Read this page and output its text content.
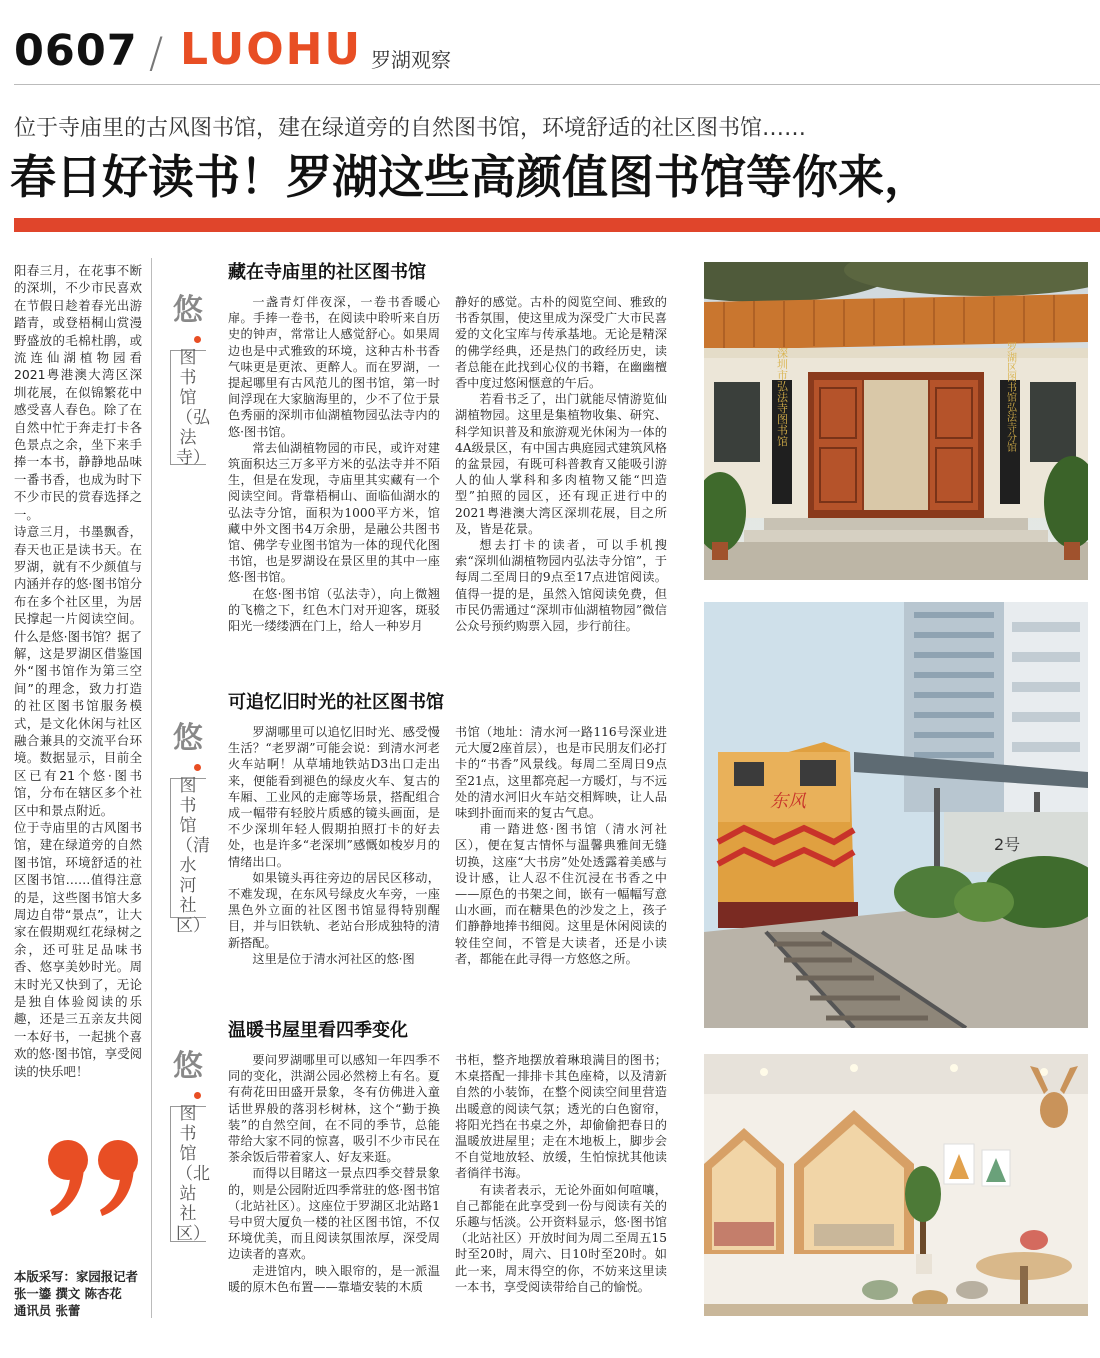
0607 / LUOHU 罗湖观察
位于寺庙里的古风图书馆，建在绿道旁的自然图书馆，环境舒适的社区图书馆……
春日好读书！罗湖这些高颜值图书馆等你来，

阳春三月，在花事不断的深圳，不少市民喜欢在节假日趁着春光出游踏青，或登梧桐山赏漫野盛放的毛棉杜鹃，或流连仙湖植物园看2021粤港澳大湾区深圳花展，在似锦繁花中感受喜人春色。除了在自然中忙于奔走打卡各色景点之余，坐下来手捧一本书，静静地品味一番书香，也成为时下不少市民的赏春选择之一。

诗意三月，书墨飘香，春天也正是读书天。在罗湖，就有不少颜值与内涵并存的悠·图书馆分布在多个社区里，为居民撑起一片阅读空间。什么是悠·图书馆？据了解，这是罗湖区借鉴国外“图书馆作为第三空间”的理念，致力打造的社区图书馆服务模式，是文化休闲与社区融合兼具的交流平台环境。数据显示，目前全区已有21个悠·图书馆，分布在辖区多个社区中和景点附近。

位于寺庙里的古风图书馆，建在绿道旁的自然图书馆，环境舒适的社区图书馆……值得注意的是，这些图书馆大多周边自带“景点”，让大家在假期观红花绿树之余，还可驻足品味书香、悠享美妙时光。周末时光又快到了，无论是独自体验阅读的乐趣，还是三五亲友共阅一本好书，一起挑个喜欢的悠·图书馆，享受阅读的快乐吧！

本版采写：家园报记者
张一鎏 撰文 陈杏花
通讯员 张蕾
藏在寺庙里的社区图书馆
悠
图书馆（弘法寺）

一盏青灯伴夜深，一卷书香暖心扉。手捧一卷书，在阅读中聆听来自历史的钟声，常常让人感觉舒心。如果周边也是中式雅致的环境，这种古朴书香气味更是更浓、更醉人。而在罗湖，一提起哪里有古风范儿的图书馆，第一时间浮现在大家脑海里的，少不了位于景色秀丽的深圳市仙湖植物园弘法寺内的悠·图书馆。

常去仙湖植物园的市民，或许对建筑面积达三万多平方米的弘法寺并不陌生，但是在发现，寺庙里其实藏有一个阅读空间。背靠梧桐山、面临仙湖水的弘法寺分馆，面积为1000平方米，馆藏中外文图书4万余册，是融公共图书馆、佛学专业图书馆为一体的现代化图书馆，也是罗湖设在景区里的其中一座悠·图书馆。

在悠·图书馆（弘法寺），向上微翘的飞檐之下，红色木门对开迎客，斑驳阳光一缕缕洒在门上，给人一种岁月

静好的感觉。古朴的阅览空间、雅致的书香氛围，使这里成为深受广大市民喜爱的文化宝库与传承基地。无论是精深的佛学经典，还是热门的政经历史，读者总能在此找到心仪的书籍，在幽幽檀香中度过悠闲惬意的午后。

若看书乏了，出门就能尽情游览仙湖植物园。这里是集植物收集、研究、科学知识普及和旅游观光休闲为一体的4A级景区，有中国古典庭园式建筑风格的盆景园，有既可科普教育又能吸引游人的仙人掌科和多肉植物又能“凹造型”拍照的园区，还有现正进行中的2021粤港澳大湾区深圳花展，目之所及，皆是花景。

想去打卡的读者，可以手机搜索“深圳仙湖植物园内弘法寺分馆”，于每周二至周日的9点至17点进馆阅读。值得一提的是，虽然入馆阅读免费，但市民仍需通过“深圳市仙湖植物园”微信公众号预约购票入园，步行前往。

深圳市弘法寺图书馆	罗湖区图书馆弘法寺分馆
可追忆旧时光的社区图书馆
悠
图书馆（清水河社区）

罗湖哪里可以追忆旧时光、感受慢生活？“老罗湖”可能会说：到清水河老火车站啊！从草埔地铁站D3出口走出来，便能看到褪色的绿皮火车、复古的车厢、工业风的走廊等场景，搭配组合成一幅带有轻胶片质感的镜头画面，是不少深圳年轻人假期拍照打卡的好去处，也是许多“老深圳”感慨如梭岁月的情绪出口。

如果镜头再往旁边的居民区移动，不难发现，在东风号绿皮火车旁，一座黑色外立面的社区图书馆显得特别醒目，并与旧铁轨、老站台形成独特的清新搭配。

这里是位于清水河社区的悠·图

书馆（地址：清水河一路116号深业进元大厦2座首层），也是市民朋友们必打卡的“书香”风景线。每周二至周日9点至21点，这里都亮起一方暖灯，与不远处的清水河旧火车站交相辉映，让人品味到扑面而来的复古气息。

甫一踏进悠·图书馆（清水河社区），便在复古情怀与温馨典雅间无缝切换，这座“大书房”处处透露着美感与设计感，让人忍不住沉浸在书香之中——原色的书架之间，嵌有一幅幅写意山水画，而在糖果色的沙发之上，孩子们静静地捧书细阅。这里是休闲阅读的较佳空间，不管是大读者，还是小读者，都能在此寻得一方悠悠之所。

2号
东风
温暖书屋里看四季变化
悠
图书馆（北站社区）

要问罗湖哪里可以感知一年四季不同的变化，洪湖公园必然榜上有名。夏有荷花田田盛开景象，冬有仿佛进入童话世界般的落羽杉树林，这个“勤于换装”的自然空间，在不同的季节，总能带给大家不同的惊喜，吸引不少市民在茶余饭后带着家人、好友来逛。

而得以目睹这一景点四季交替景象的，则是公园附近四季常驻的悠·图书馆（北站社区）。这座位于罗湖区北站路1号中贸大厦负一楼的社区图书馆，不仅环境优美，而且阅读氛围浓厚，深受周边读者的喜欢。

走进馆内，映入眼帘的，是一派温暖的原木色布置——靠墙安装的木质

书柜，整齐地摆放着琳琅满目的图书；木桌搭配一排排卡其色座椅，以及清新自然的小装饰，在整个阅读空间里营造出暖意的阅读气氛；透光的白色窗帘，将阳光挡在书桌之外，却偷偷把春日的温暖放进屋里；走在木地板上，脚步会不自觉地放轻、放缓，生怕惊扰其他读者徜徉书海。

有读者表示，无论外面如何喧嚷，自己都能在此享受到一份与阅读有关的乐趣与恬淡。公开资料显示，悠·图书馆（北站社区）开放时间为周二至周五15时至20时，周六、日10时至20时。如此一来，周末得空的你，不妨来这里读一本书，享受阅读带给自己的愉悦。
